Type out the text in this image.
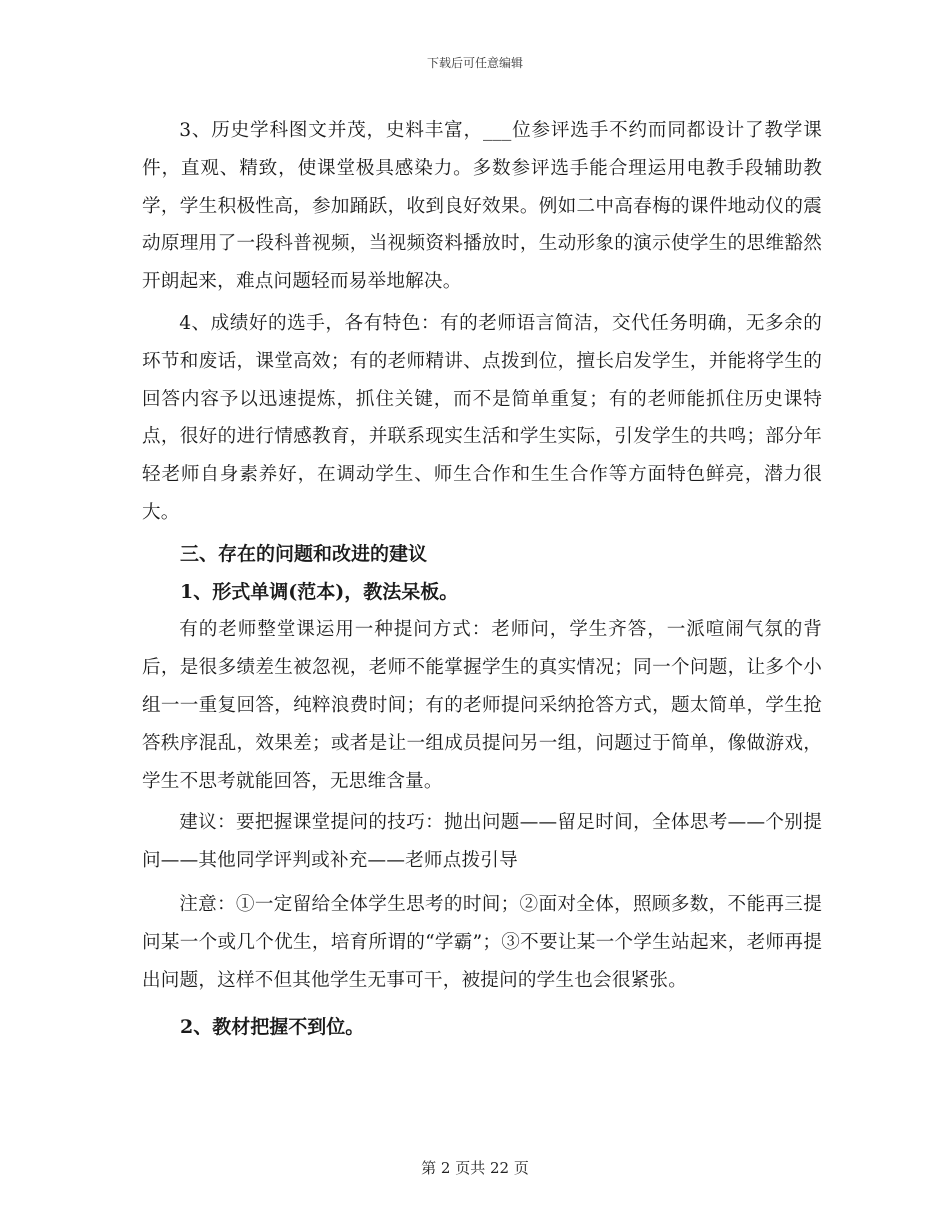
下载后可任意编辑

3、历史学科图文并茂，史料丰富，___位参评选手不约而同都设计了教学课件，直观、精致，使课堂极具感染力。多数参评选手能合理运用电教手段辅助教学，学生积极性高，参加踊跃，收到良好效果。例如二中高春梅的课件地动仪的震动原理用了一段科普视频，当视频资料播放时，生动形象的演示使学生的思维豁然开朗起来，难点问题轻而易举地解决。

4、成绩好的选手，各有特色：有的老师语言简洁，交代任务明确，无多余的环节和废话，课堂高效；有的老师精讲、点拨到位，擅长启发学生，并能将学生的回答内容予以迅速提炼，抓住关键，而不是简单重复；有的老师能抓住历史课特点，很好的进行情感教育，并联系现实生活和学生实际，引发学生的共鸣；部分年轻老师自身素养好，在调动学生、师生合作和生生合作等方面特色鲜亮，潜力很大。

三、存在的问题和改进的建议

1、形式单调(范本)，教法呆板。

有的老师整堂课运用一种提问方式：老师问，学生齐答，一派喧闹气氛的背后，是很多绩差生被忽视，老师不能掌握学生的真实情况；同一个问题，让多个小组一一重复回答，纯粹浪费时间；有的老师提问采纳抢答方式，题太简单，学生抢答秩序混乱，效果差；或者是让一组成员提问另一组，问题过于简单，像做游戏，学生不思考就能回答，无思维含量。

建议：要把握课堂提问的技巧：抛出问题——留足时间，全体思考——个别提问——其他同学评判或补充——老师点拨引导

注意：①一定留给全体学生思考的时间；②面对全体，照顾多数，不能再三提问某一个或几个优生，培育所谓的“学霸”；③不要让某一个学生站起来，老师再提出问题，这样不但其他学生无事可干，被提问的学生也会很紧张。

2、教材把握不到位。

第 2 页共 22 页
